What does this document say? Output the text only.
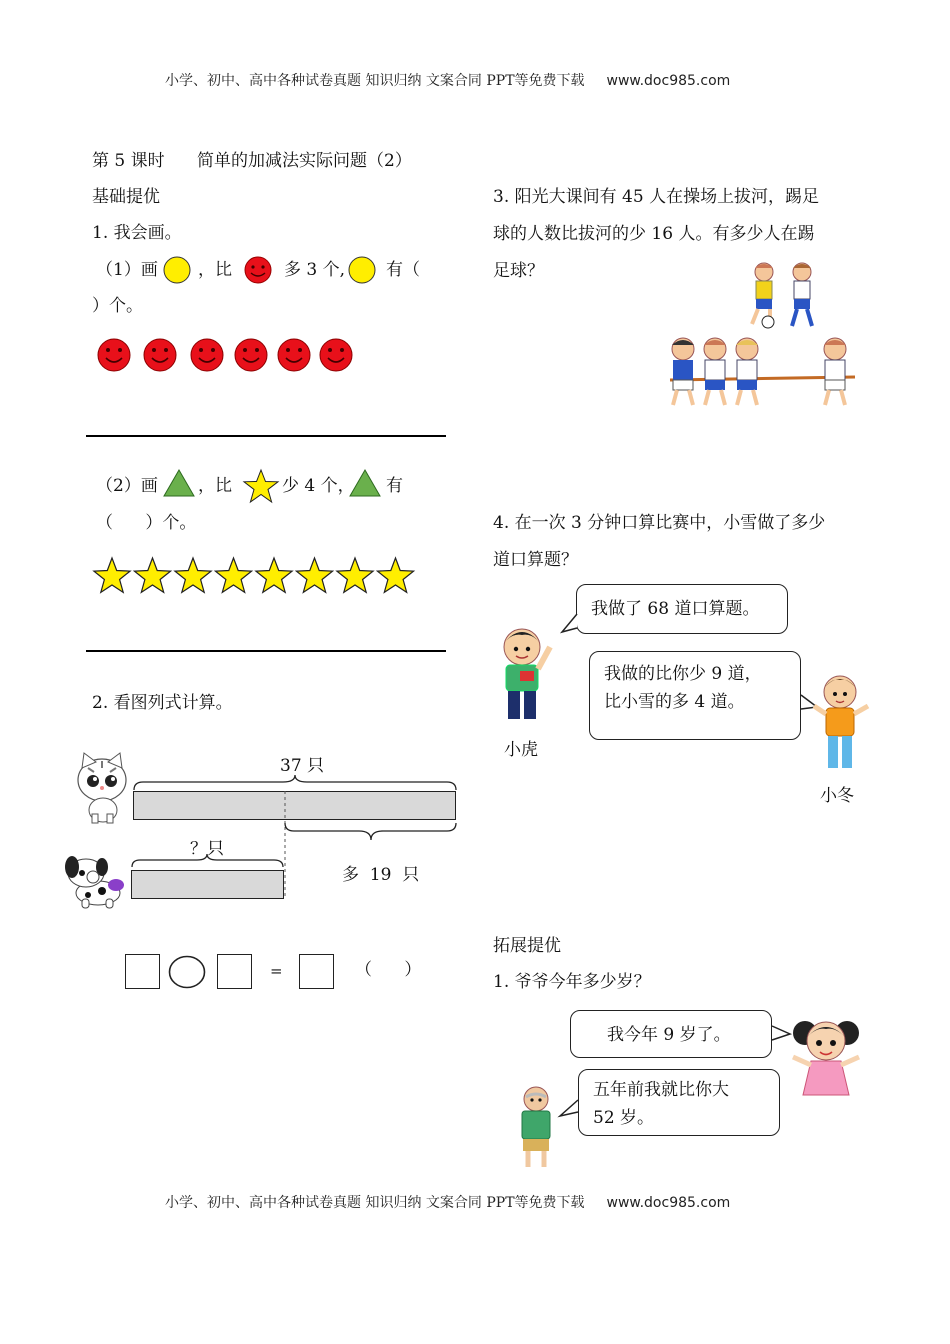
小学、初中、高中各种试卷真题 知识归纳 文案合同 PPT等免费下载 www.doc985.com
第 5 课时      简单的加减法实际问题（2）
基础提优
1. 我会画。
（1）画 ，比	多 3 个, 有（
）个。
（2）画 ，比	少 4 个， 有
（      ）个。
2. 看图列式计算。
37 只
？只
多  19  只
=	（      ）
3. 阳光大课间有 45 人在操场上拔河，踢足
球的人数比拔河的少 16 人。有多少人在踢
足球？
4. 在一次 3 分钟口算比赛中，小雪做了多少
道口算题？
我做了 68 道口算题。
我做的比你少 9 道，
比小雪的多 4 道。
小虎
小冬
拓展提优
1. 爷爷今年多少岁？
我今年 9 岁了。
五年前我就比你大
52 岁。
小学、初中、高中各种试卷真题 知识归纳 文案合同 PPT等免费下载 www.doc985.com
